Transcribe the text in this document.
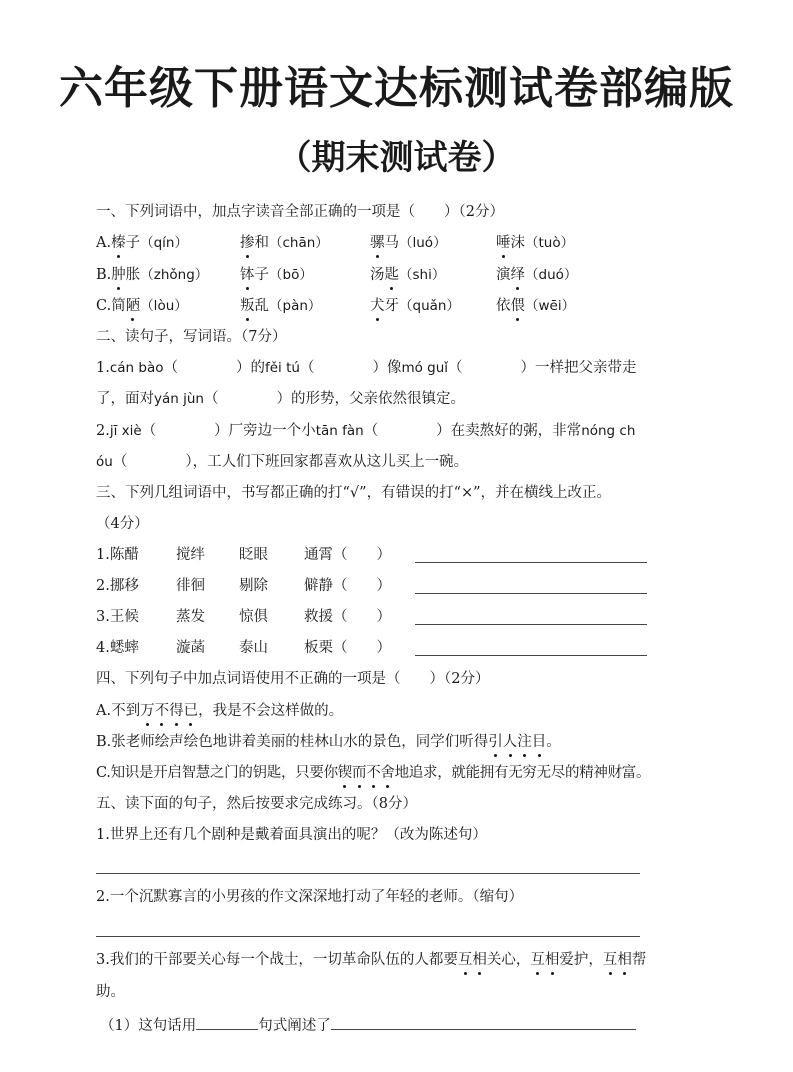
六年级下册语文达标测试卷部编版
（期末测试卷）
一、下列词语中，加点字读音全部正确的一项是（　　）（2分）
A.榛子（qín）	掺和（chān）	骡马（luó）	唾沫（tuò）
B.肿胀（zhǒng） 钵子（bō）	汤匙（shi）	演绎（duó）
C.简陋（lòu）	叛乱（pàn）	犬牙（quǎn） 依偎（wēi）
二、读句子，写词语。（7分）
1.cán bào（　　　　）的fěi tú（　　　　）像mó guǐ（　　　　）一样把父亲带走
了，面对yán jùn（　　　　）的形势，父亲依然很镇定。
2.jī xiè（　　　　）厂旁边一个小tān fàn（　　　　）在卖熬好的粥，非常nóng ch
óu（　　　　），工人们下班回家都喜欢从这儿买上一碗。
三、下列几组词语中，书写都正确的打“√”，有错误的打“×”，并在横线上改正。
（4分）
1.陈醋	搅绊 眨眼 通霄（　　）
2.挪移	徘徊 剔除 僻静（　　）
3.王候	蒸发 惊俱 救援（　　）
4.蟋蟀	漩菡 泰山 板栗（　　）
四、下列句子中加点词语使用不正确的一项是（　　）（2分）
A.不到万不得已，我是不会这样做的。
B.张老师绘声绘色地讲着美丽的桂林山水的景色，同学们听得引人注目。
C.知识是开启智慧之门的钥匙，只要你锲而不舍地追求，就能拥有无穷无尽的精神财富。
五、读下面的句子，然后按要求完成练习。（8分）
1.世界上还有几个剧种是戴着面具演出的呢？（改为陈述句）
2.一个沉默寡言的小男孩的作文深深地打动了年轻的老师。（缩句）
3.我们的干部要关心每一个战士，一切革命队伍的人都要互相关心，互相爱护，互相帮
助。
（1）这句话用	句式阐述了
